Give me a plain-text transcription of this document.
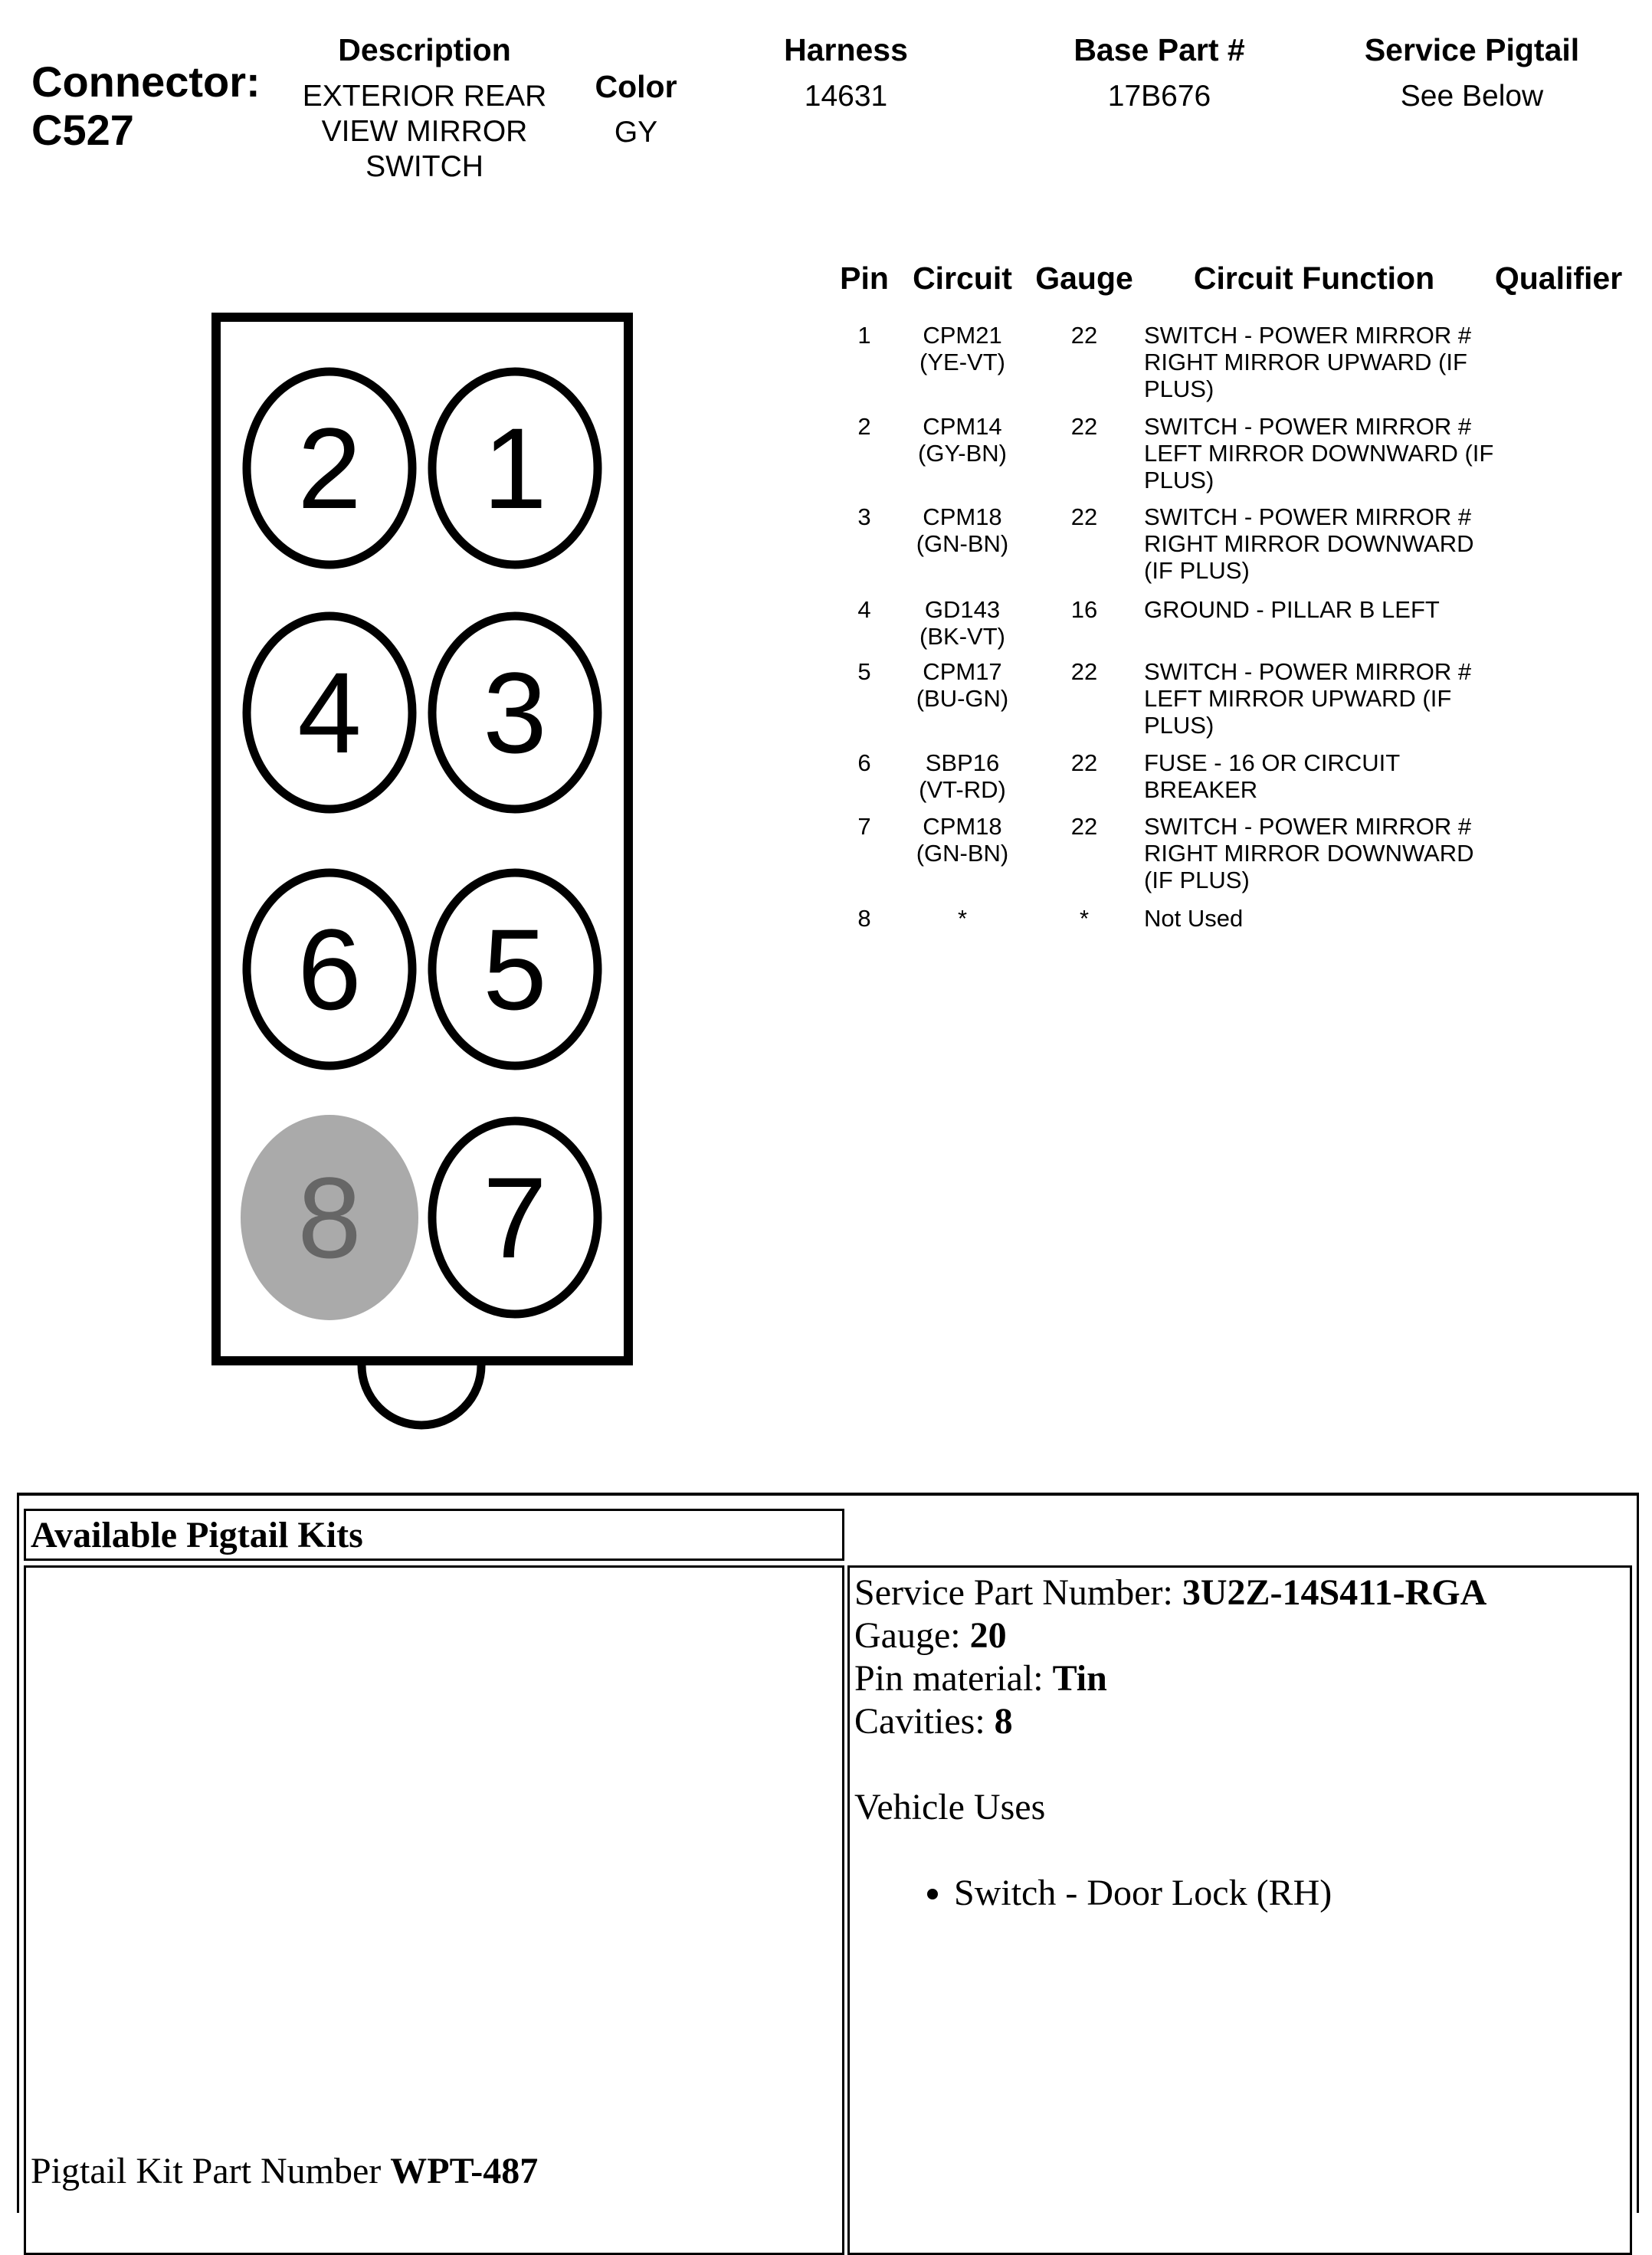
Connector:
C527
Description
EXTERIOR REAR
VIEW MIRROR
SWITCH
Color
GY
Harness
14631
Base Part #
17B676
Service Pigtail
See Below
2 1
4 3
6 5
8 7
Pin Circuit Gauge Circuit Function Qualifier
1 CPM21
(YE-VT)
22 SWITCH - POWER MIRROR # RIGHT MIRROR UPWARD (IF PLUS)
2 CPM14
(GY-BN)
22 SWITCH - POWER MIRROR # LEFT MIRROR DOWNWARD (IF PLUS)
3 CPM18
(GN-BN)
22 SWITCH - POWER MIRROR # RIGHT MIRROR DOWNWARD (IF PLUS)
4 GD143
(BK-VT)
16 GROUND - PILLAR B LEFT
5 CPM17
(BU-GN)
22 SWITCH - POWER MIRROR # LEFT MIRROR UPWARD (IF PLUS)
6 SBP16
(VT-RD)
22 FUSE - 16 OR CIRCUIT BREAKER
7 CPM18
(GN-BN)
22 SWITCH - POWER MIRROR # RIGHT MIRROR DOWNWARD (IF PLUS)
8	*	* Not Used
Available Pigtail Kits
Pigtail Kit Part Number WPT-487
Service Part Number: 3U2Z-14S411-RGA
Gauge: 20
Pin material: Tin
Cavities: 8
Vehicle Uses
• Switch - Door Lock (RH)
